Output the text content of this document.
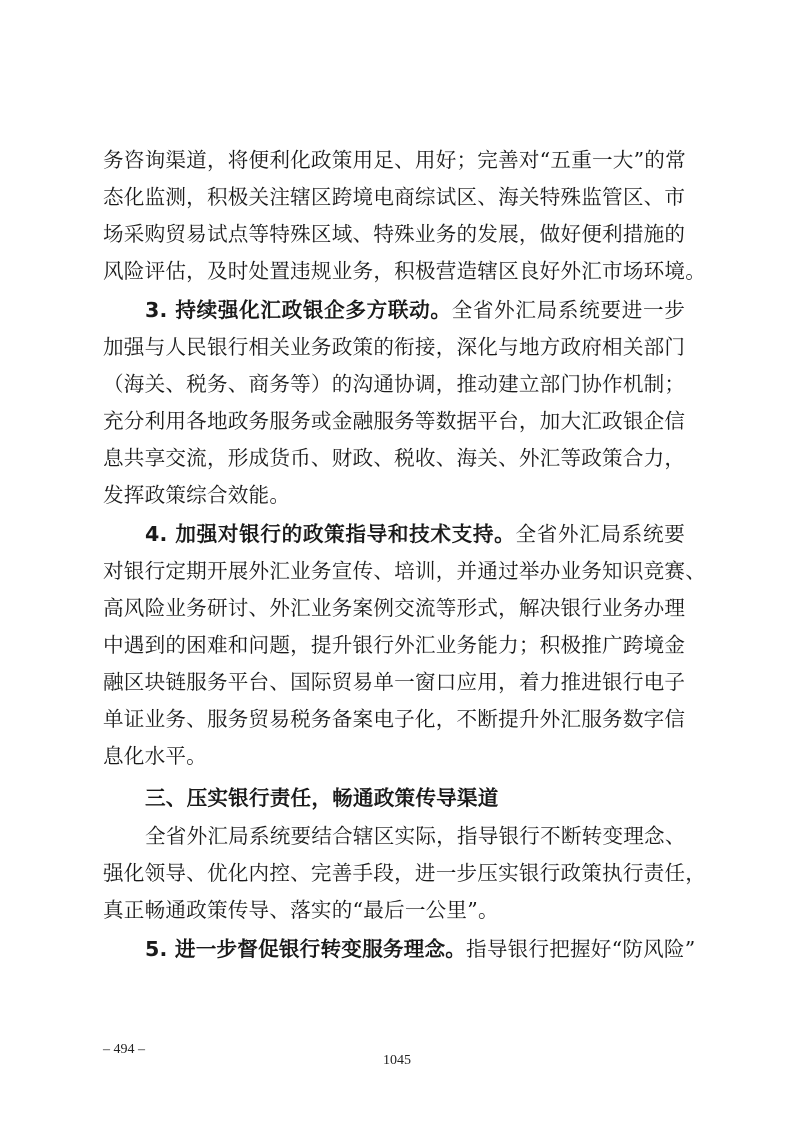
务咨询渠道，将便利化政策用足、用好；完善对“五重一大”的常
态化监测，积极关注辖区跨境电商综试区、海关特殊监管区、市
场采购贸易试点等特殊区域、特殊业务的发展，做好便利措施的
风险评估，及时处置违规业务，积极营造辖区良好外汇市场环境。
3. 持续强化汇政银企多方联动。全省外汇局系统要进一步
加强与人民银行相关业务政策的衔接，深化与地方政府相关部门
（海关、税务、商务等）的沟通协调，推动建立部门协作机制；
充分利用各地政务服务或金融服务等数据平台，加大汇政银企信
息共享交流，形成货币、财政、税收、海关、外汇等政策合力，
发挥政策综合效能。
4. 加强对银行的政策指导和技术支持。全省外汇局系统要
对银行定期开展外汇业务宣传、培训，并通过举办业务知识竞赛、
高风险业务研讨、外汇业务案例交流等形式，解决银行业务办理
中遇到的困难和问题，提升银行外汇业务能力；积极推广跨境金
融区块链服务平台、国际贸易单一窗口应用，着力推进银行电子
单证业务、服务贸易税务备案电子化，不断提升外汇服务数字信
息化水平。
三、压实银行责任，畅通政策传导渠道
全省外汇局系统要结合辖区实际，指导银行不断转变理念、
强化领导、优化内控、完善手段，进一步压实银行政策执行责任，
真正畅通政策传导、落实的“最后一公里”。
5. 进一步督促银行转变服务理念。指导银行把握好“防风险”
– 494 –
1045
